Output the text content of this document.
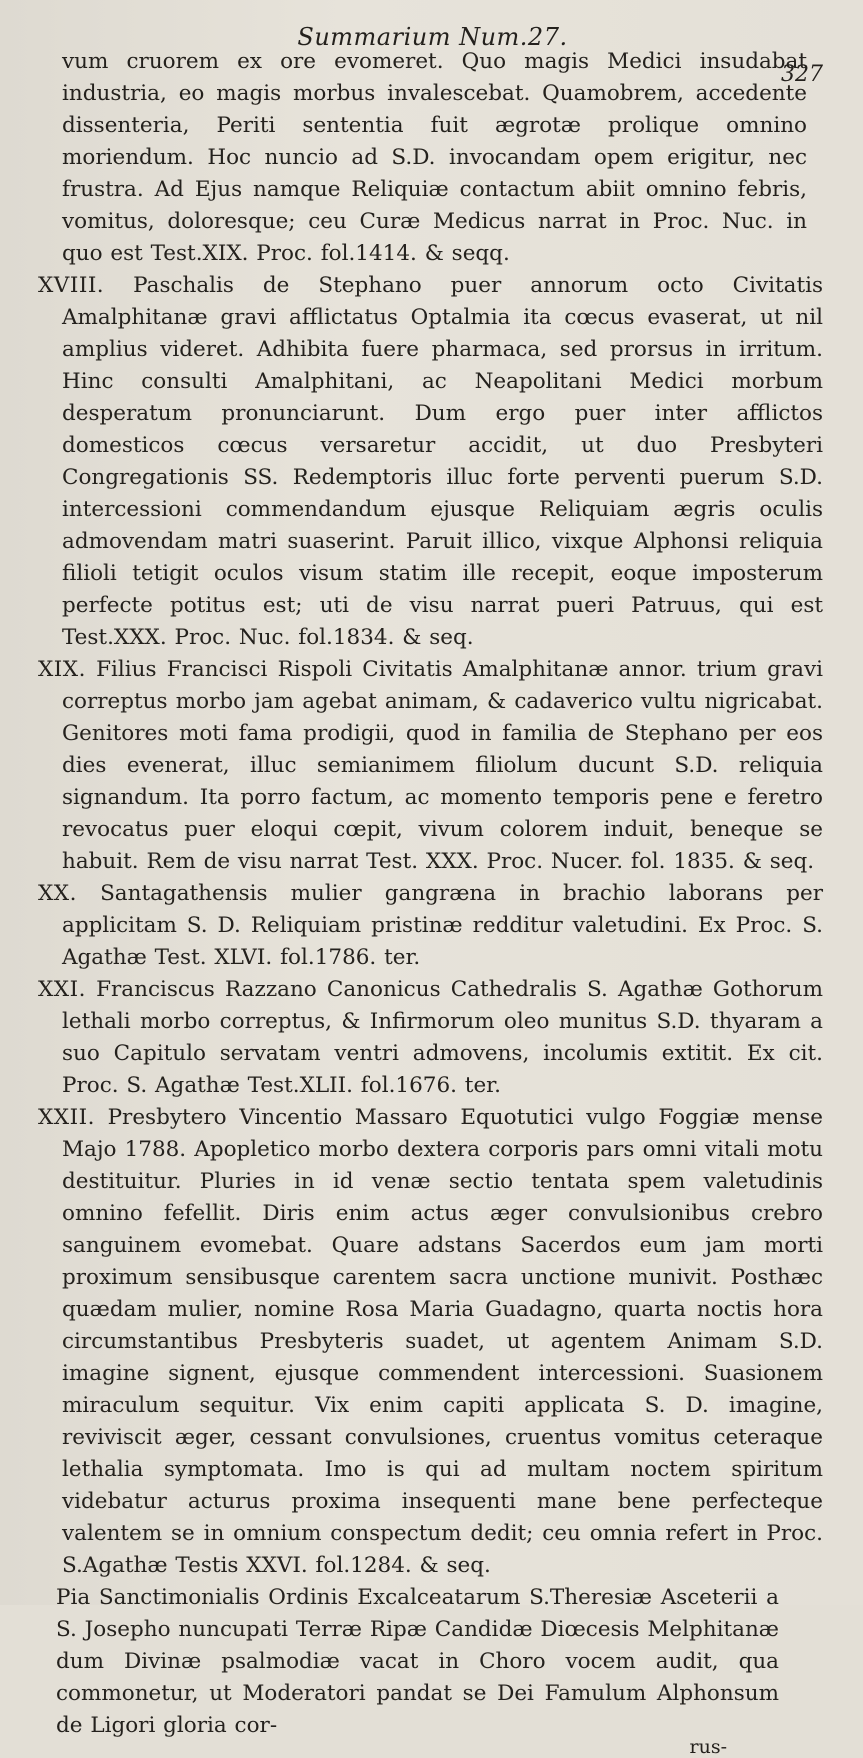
Summarium Num.27.
327

vum cruorem ex ore evomeret. Quo magis Medici insudabat industria, eo magis morbus invalescebat. Quamobrem, accedente dissenteria, Periti sententia fuit ægrotæ prolique omnino moriendum. Hoc nuncio ad S.D. invocandam opem erigitur, nec frustra. Ad Ejus namque Reliquiæ contactum abiit omnino febris, vomitus, doloresque; ceu Curæ Medicus narrat in Proc. Nuc. in quo est Test.XIX. Proc. fol.1414. & seqq.

XVIII. Paschalis de Stephano puer annorum octo Civitatis Amalphitanæ gravi afflictatus Optalmia ita cœcus evaserat, ut nil amplius videret. Adhibita fuere pharmaca, sed prorsus in irritum. Hinc consulti Amalphitani, ac Neapolitani Medici morbum desperatum pronunciarunt. Dum ergo puer inter afflictos domesticos cœcus versaretur accidit, ut duo Presbyteri Congregationis SS. Redemptoris illuc forte perventi puerum S.D. intercessioni commendandum ejusque Reliquiam ægris oculis admovendam matri suaserint. Paruit illico, vixque Alphonsi reliquia filioli tetigit oculos visum statim ille recepit, eoque imposterum perfecte potitus est; uti de visu narrat pueri Patruus, qui est Test.XXX. Proc. Nuc. fol.1834. & seq.

XIX. Filius Francisci Rispoli Civitatis Amalphitanæ annor. trium gravi correptus morbo jam agebat animam, & cadaverico vultu nigricabat. Genitores moti fama prodigii, quod in familia de Stephano per eos dies evenerat, illuc semianimem filiolum ducunt S.D. reliquia signandum. Ita porro factum, ac momento temporis pene e feretro revocatus puer eloqui cœpit, vivum colorem induit, beneque se habuit. Rem de visu narrat Test. XXX. Proc. Nucer. fol. 1835. & seq.

XX. Santagathensis mulier gangræna in brachio laborans per applicitam S. D. Reliquiam pristinæ redditur valetudini. Ex Proc. S. Agathæ Test. XLVI. fol.1786. ter.

XXI. Franciscus Razzano Canonicus Cathedralis S. Agathæ Gothorum lethali morbo correptus, & Infirmorum oleo munitus S.D. thyaram a suo Capitulo servatam ventri admovens, incolumis extitit. Ex cit. Proc. S. Agathæ Test.XLII. fol.1676. ter.

XXII. Presbytero Vincentio Massaro Equotutici vulgo Foggiæ mense Majo 1788. Apopletico morbo dextera corporis pars omni vitali motu destituitur. Pluries in id venæ sectio tentata spem valetudinis omnino fefellit. Diris enim actus æger convulsionibus crebro sanguinem evomebat. Quare adstans Sacerdos eum jam morti proximum sensibusque carentem sacra unctione munivit. Posthæc quædam mulier, nomine Rosa Maria Guadagno, quarta noctis hora circumstantibus Presbyteris suadet, ut agentem Animam S.D. imagine signent, ejusque commendent intercessioni. Suasionem miraculum sequitur. Vix enim capiti applicata S. D. imagine, reviviscit æger, cessant convulsiones, cruentus vomitus ceteraque lethalia symptomata. Imo is qui ad multam noctem spiritum videbatur acturus proxima insequenti mane bene perfecteque valentem se in omnium conspectum dedit; ceu omnia refert in Proc. S.Agathæ Testis XXVI. fol.1284. & seq.

Pia Sanctimonialis Ordinis Excalceatarum S.Theresiæ Asceterii a S. Josepho nuncupati Terræ Ripæ Candidæ Diœcesis Melphitanæ dum Divinæ psalmodiæ vacat in Choro vocem audit, qua commonetur, ut Moderatori pandat se Dei Famulum Alphonsum de Ligori gloria cor-

rus-
